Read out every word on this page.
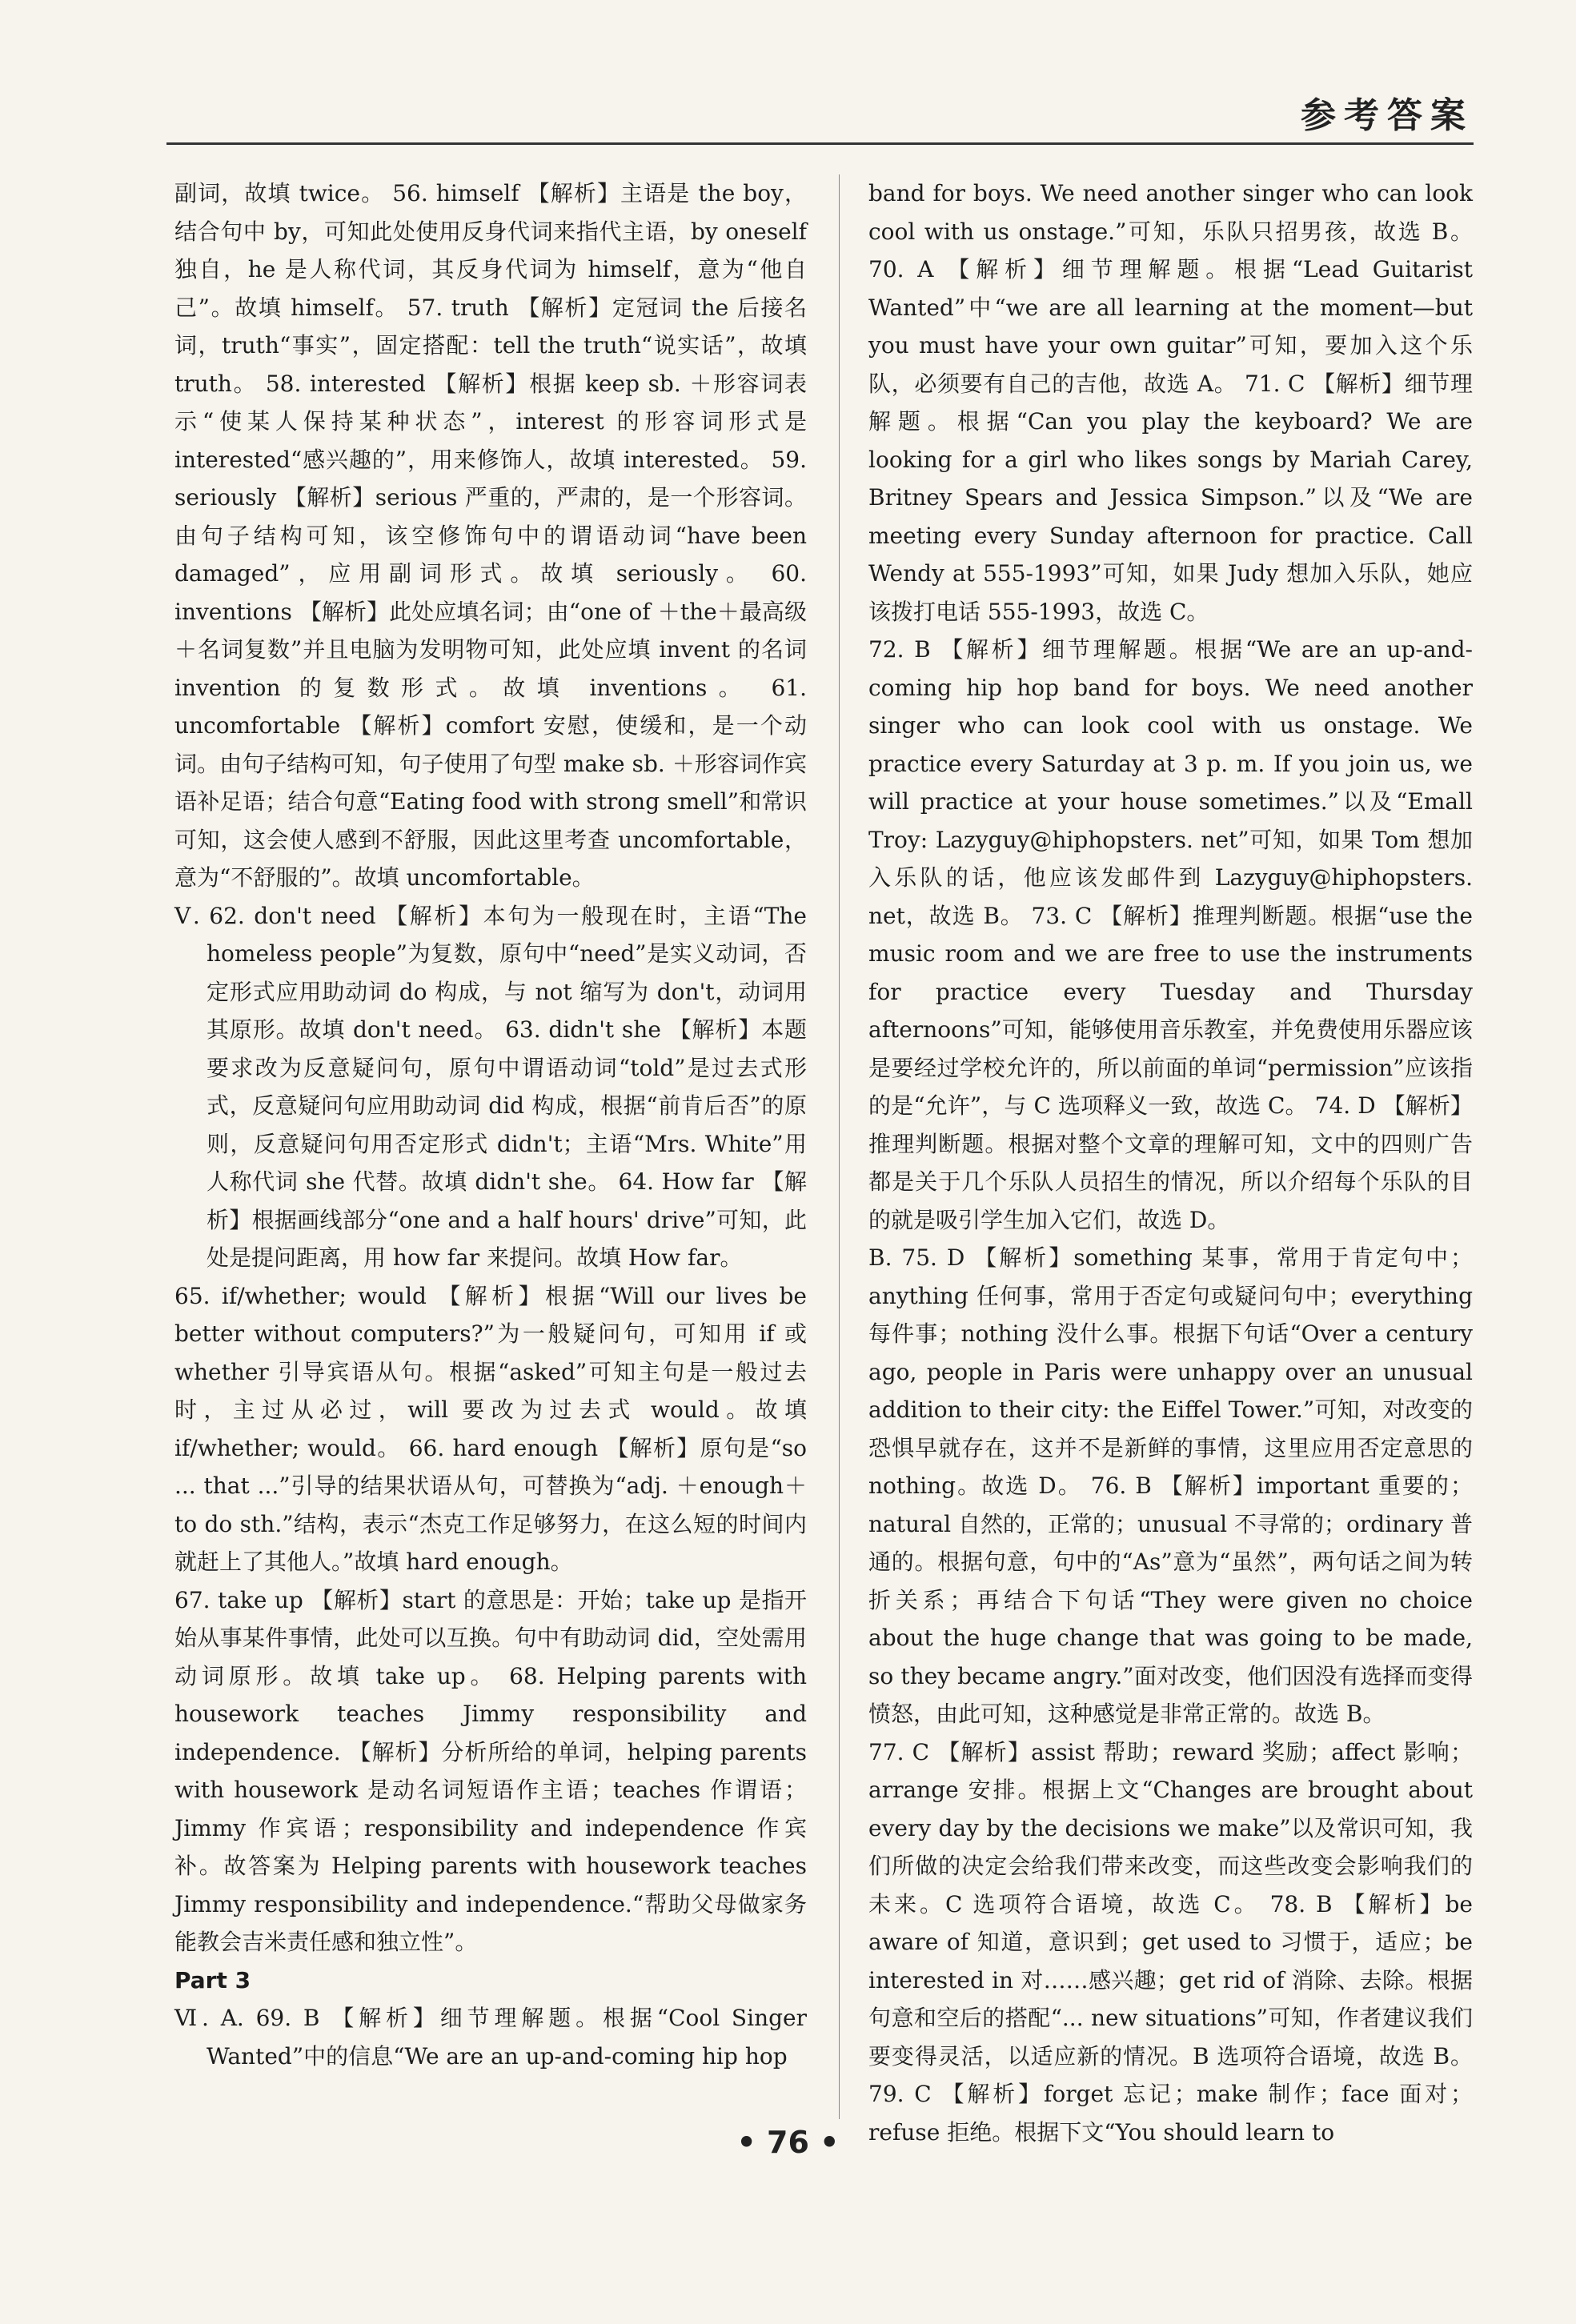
参考答案

副词，故填 twice。 56. himself 【解析】主语是 the boy，结合句中 by，可知此处使用反身代词来指代主语，by oneself 独自，he 是人称代词，其反身代词为 himself，意为“他自己”。故填 himself。 57. truth 【解析】定冠词 the 后接名词，truth“事实”，固定搭配：tell the truth“说实话”，故填 truth。 58. interested 【解析】根据 keep sb. ＋形容词表示“使某人保持某种状态”，interest 的形容词形式是 interested“感兴趣的”，用来修饰人，故填 interested。 59. seriously 【解析】serious 严重的，严肃的，是一个形容词。由句子结构可知，该空修饰句中的谓语动词“have been damaged”，应用副词形式。故填 seriously。 60. inventions 【解析】此处应填名词；由“one of ＋the＋最高级＋名词复数”并且电脑为发明物可知，此处应填 invent 的名词 invention 的复数形式。故填 inventions。 61. uncomfortable 【解析】comfort 安慰，使缓和，是一个动词。由句子结构可知，句子使用了句型 make sb. ＋形容词作宾语补足语；结合句意“Eating food with strong smell”和常识可知，这会使人感到不舒服，因此这里考查 uncomfortable，意为“不舒服的”。故填 uncomfortable。

Ⅴ. 62. don't need 【解析】本句为一般现在时，主语“The homeless people”为复数，原句中“need”是实义动词，否定形式应用助动词 do 构成，与 not 缩写为 don't，动词用其原形。故填 don't need。 63. didn't she 【解析】本题要求改为反意疑问句，原句中谓语动词“told”是过去式形式，反意疑问句应用助动词 did 构成，根据“前肯后否”的原则，反意疑问句用否定形式 didn't；主语“Mrs. White”用人称代词 she 代替。故填 didn't she。 64. How far 【解析】根据画线部分“one and a half hours' drive”可知，此处是提问距离，用 how far 来提问。故填 How far。

65. if/whether; would 【解析】根据“Will our lives be better without computers?”为一般疑问句，可知用 if 或 whether 引导宾语从句。根据“asked”可知主句是一般过去时，主过从必过，will 要改为过去式 would。故填 if/whether; would。 66. hard enough 【解析】原句是“so ... that ...”引导的结果状语从句，可替换为“adj. ＋enough＋to do sth.”结构，表示“杰克工作足够努力，在这么短的时间内就赶上了其他人。”故填 hard enough。

67. take up 【解析】start 的意思是：开始；take up 是指开始从事某件事情，此处可以互换。句中有助动词 did，空处需用动词原形。故填 take up。 68. Helping parents with housework teaches Jimmy responsibility and independence. 【解析】分析所给的单词，helping parents with housework 是动名词短语作主语；teaches 作谓语；Jimmy 作宾语；responsibility and independence 作宾补。故答案为 Helping parents with housework teaches Jimmy responsibility and independence.“帮助父母做家务能教会吉米责任感和独立性”。

Part 3

Ⅵ. A. 69. B 【解析】细节理解题。根据“Cool Singer Wanted”中的信息“We are an up-and-coming hip hop

band for boys. We need another singer who can look cool with us onstage.”可知，乐队只招男孩，故选 B。 70. A 【解析】细节理解题。根据“Lead Guitarist Wanted”中“we are all learning at the moment—but you must have your own guitar”可知，要加入这个乐队，必须要有自己的吉他，故选 A。 71. C 【解析】细节理解题。根据“Can you play the keyboard? We are looking for a girl who likes songs by Mariah Carey, Britney Spears and Jessica Simpson.”以及“We are meeting every Sunday afternoon for practice. Call Wendy at 555-1993”可知，如果 Judy 想加入乐队，她应该拨打电话 555-1993，故选 C。

72. B 【解析】细节理解题。根据“We are an up-and-coming hip hop band for boys. We need another singer who can look cool with us onstage. We practice every Saturday at 3 p. m. If you join us, we will practice at your house sometimes.”以及“Emall Troy: Lazyguy@hiphopsters. net”可知，如果 Tom 想加入乐队的话，他应该发邮件到 Lazyguy@hiphopsters. net，故选 B。 73. C 【解析】推理判断题。根据“use the music room and we are free to use the instruments for practice every Tuesday and Thursday afternoons”可知，能够使用音乐教室，并免费使用乐器应该是要经过学校允许的，所以前面的单词“permission”应该指的是“允许”，与 C 选项释义一致，故选 C。 74. D 【解析】推理判断题。根据对整个文章的理解可知，文中的四则广告都是关于几个乐队人员招生的情况，所以介绍每个乐队的目的就是吸引学生加入它们，故选 D。

B. 75. D 【解析】something 某事，常用于肯定句中；anything 任何事，常用于否定句或疑问句中；everything 每件事；nothing 没什么事。根据下句话“Over a century ago, people in Paris were unhappy over an unusual addition to their city: the Eiffel Tower.”可知，对改变的恐惧早就存在，这并不是新鲜的事情，这里应用否定意思的 nothing。故选 D。 76. B 【解析】important 重要的；natural 自然的，正常的；unusual 不寻常的；ordinary 普通的。根据句意，句中的“As”意为“虽然”，两句话之间为转折关系；再结合下句话“They were given no choice about the huge change that was going to be made, so they became angry.”面对改变，他们因没有选择而变得愤怒，由此可知，这种感觉是非常正常的。故选 B。

77. C 【解析】assist 帮助；reward 奖励；affect 影响；arrange 安排。根据上文“Changes are brought about every day by the decisions we make”以及常识可知，我们所做的决定会给我们带来改变，而这些改变会影响我们的未来。C 选项符合语境，故选 C。 78. B 【解析】be aware of 知道，意识到；get used to 习惯于，适应；be interested in 对……感兴趣；get rid of 消除、去除。根据句意和空后的搭配“... new situations”可知，作者建议我们要变得灵活，以适应新的情况。B 选项符合语境，故选 B。 79. C 【解析】forget 忘记；make 制作；face 面对；refuse 拒绝。根据下文“You should learn to

• 76 •
